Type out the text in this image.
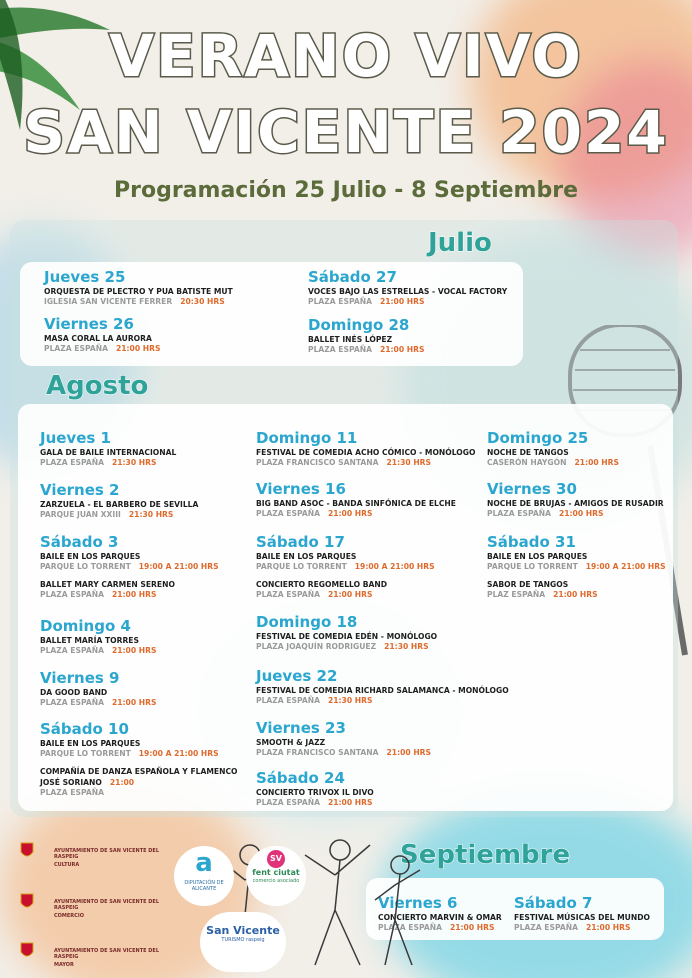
VERANO VIVO
SAN VICENTE 2024
Programación 25 Julio - 8 Septiembre
Julio
Jueves 25
ORQUESTA DE PLECTRO Y PUA BATISTE MUT
IGLESIA SAN VICENTE FERRER 20:30 HRS
Viernes 26
MASA CORAL LA AURORA
PLAZA ESPAÑA 21:00 HRS
Sábado 27
VOCES BAJO LAS ESTRELLAS - VOCAL FACTORY
PLAZA ESPAÑA 21:00 HRS
Domingo 28
BALLET INÉS LÓPEZ
PLAZA ESPAÑA 21:00 HRS
Agosto
Jueves 1
GALA DE BAILE INTERNACIONAL
PLAZA ESPAÑA 21:30 HRS
Viernes 2
ZARZUELA - EL BARBERO DE SEVILLA
PARQUE JUAN XXIII 21:30 HRS
Sábado 3
BAILE EN LOS PARQUES
PARQUE LO TORRENT 19:00 A 21:00 HRS
BALLET MARY CARMEN SERENO
PLAZA ESPAÑA 21:00 HRS
Domingo 4
BALLET MARÍA TORRES
PLAZA ESPAÑA 21:00 HRS
Viernes 9
DA GOOD BAND
PLAZA ESPAÑA 21:00 HRS
Sábado 10
BAILE EN LOS PARQUES
PARQUE LO TORRENT 19:00 A 21:00 HRS
COMPAÑÍA DE DANZA ESPAÑOLA Y FLAMENCO
JOSÉ SORIANO 21:00
PLAZA ESPAÑA
Domingo 11
FESTIVAL DE COMEDIA ACHO CÓMICO - MONÓLOGO
PLAZA FRANCISCO SANTANA 21:30 HRS
Viernes 16
BIG BAND ASOC - BANDA SINFÓNICA DE ELCHE
PLAZA ESPAÑA 21:00 HRS
Sábado 17
BAILE EN LOS PARQUES
PARQUE LO TORRENT 19:00 A 21:00 HRS
CONCIERTO REGOMELLO BAND
PLAZA ESPAÑA 21:00 HRS
Domingo 18
FESTIVAL DE COMEDIA EDÉN - MONÓLOGO
PLAZA JOAQUÍN RODRIGUEZ 21:30 HRS
Jueves 22
FESTIVAL DE COMEDIA RICHARD SALAMANCA - MONÓLOGO
PLAZA ESPAÑA 21:30 HRS
Viernes 23
SMOOTH & JAZZ
PLAZA FRANCISCO SANTANA 21:00 HRS
Sábado 24
CONCIERTO TRIVOX IL DIVO
PLAZA ESPAÑA 21:00 HRS
Domingo 25
NOCHE DE TANGOS
CASERÓN HAYGÓN 21:00 HRS
Viernes 30
NOCHE DE BRUJAS - AMIGOS DE RUSADIR
PLAZA ESPAÑA 21:00 HRS
Sábado 31
BAILE EN LOS PARQUES
PARQUE LO TORRENT 19:00 A 21:00 HRS
SABOR DE TANGOS
PLAZ ESPAÑA 21:00 HRS
Septiembre
Viernes 6
CONCIERTO MARVIN & OMAR
PLAZA ESPAÑA 21:00 HRS
Sábado 7
FESTIVAL MÚSICAS DEL MUNDO
PLAZA ESPAÑA 21:00 HRS
AYUNTAMIENTO DE SAN VICENTE DEL RASPEIG
CULTURA
AYUNTAMIENTO DE SAN VICENTE DEL RASPEIG
COMERCIO
AYUNTAMIENTO DE SAN VICENTE DEL RASPEIG
MAYOR
a
DIPUTACIÓN DE ALICANTE
SV
fent ciutat
comercio asociado
San Vicente
TURISMO raspeig
